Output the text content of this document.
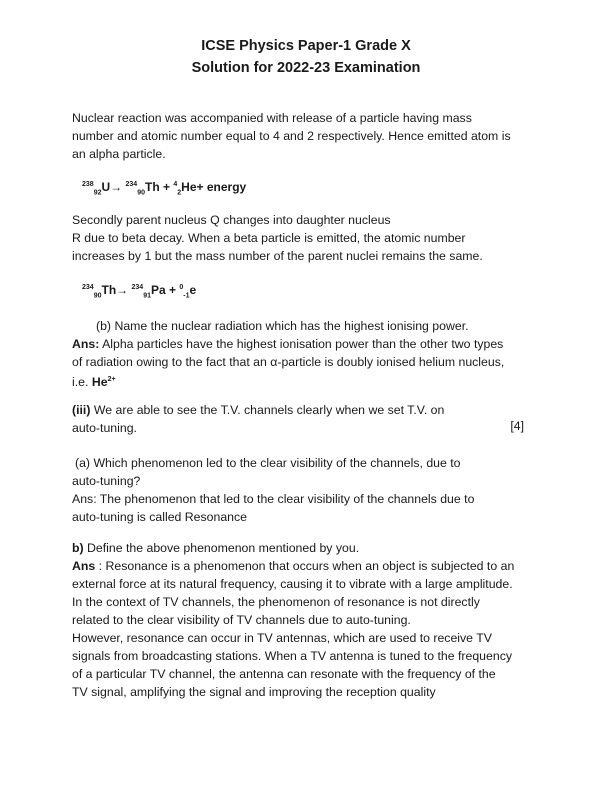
ICSE Physics Paper-1 Grade X
Solution for 2022-23 Examination
Nuclear reaction was accompanied with release of a particle having mass
number and atomic number equal to 4 and 2 respectively. Hence emitted atom is
an alpha particle.
$^{238}_{92}$U→ $^{234}_{90}$Th + $^4_2$He+ energy
Secondly parent nucleus Q changes into daughter nucleus
R due to beta decay. When a beta particle is emitted, the atomic number
increases by 1 but the mass number of the parent nuclei remains the same.
$^{234}_{90}$Th→ $^{234}_{91}$Pa + $^0_{-1}$e
(b) Name the nuclear radiation which has the highest ionising power.
Ans: Alpha particles have the highest ionisation power than the other two types
of radiation owing to the fact that an α-particle is doubly ionised helium nucleus,
i.e. $He^{2+}$
(iii) We are able to see the T.V. channels clearly when we set T.V. on
auto-tuning.	[4]
(a) Which phenomenon led to the clear visibility of the channels, due to
auto-tuning?
Ans: The phenomenon that led to the clear visibility of the channels due to
auto-tuning is called Resonance
b) Define the above phenomenon mentioned by you.
Ans : Resonance is a phenomenon that occurs when an object is subjected to an
external force at its natural frequency, causing it to vibrate with a large amplitude.
In the context of TV channels, the phenomenon of resonance is not directly
related to the clear visibility of TV channels due to auto-tuning.
However, resonance can occur in TV antennas, which are used to receive TV
signals from broadcasting stations. When a TV antenna is tuned to the frequency
of a particular TV channel, the antenna can resonate with the frequency of the
TV signal, amplifying the signal and improving the reception quality
